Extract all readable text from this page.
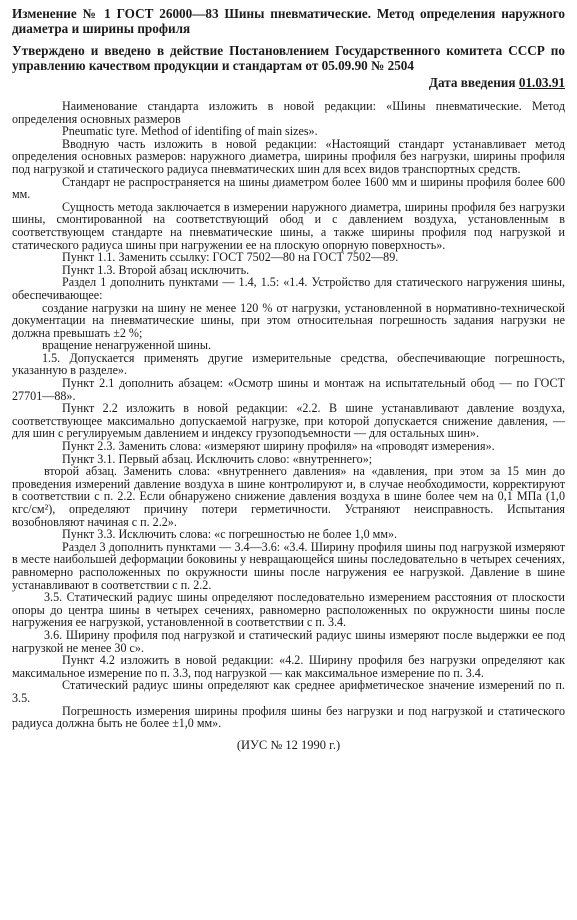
Изменение № 1 ГОСТ 26000—83 Шины пневматические. Метод определения наружного диаметра и ширины профиля

Утверждено и введено в действие Постановлением Государственного комитета СССР по управлению качеством продукции и стандартам от 05.09.90 № 2504

Дата введения 01.03.91

Наименование стандарта изложить в новой редакции: «Шины пневматические. Метод определения основных размеров

Pneumatic tyre. Method of identifing of main sizes».

Вводную часть изложить в новой редакции: «Настоящий стандарт устанавливает метод определения основных размеров: наружного диаметра, ширины профиля без нагрузки, ширины профиля под нагрузкой и статического радиуса пневматических шин для всех видов транспортных средств.

Стандарт не распространяется на шины диаметром более 1600 мм и ширины профиля более 600 мм.

Сущность метода заключается в измерении наружного диаметра, ширины профиля без нагрузки шины, смонтированной на соответствующий обод и с давлением воздуха, установленным в соответствующем стандарте на пневматические шины, а также ширины профиля под нагрузкой и статического радиуса шины при нагружении ее на плоскую опорную поверхность».

Пункт 1.1. Заменить ссылку: ГОСТ 7502—80 на ГОСТ 7502—89.

Пункт 1.3. Второй абзац исключить.

Раздел 1 дополнить пунктами — 1.4, 1.5: «1.4. Устройство для статического нагружения шины, обеспечивающее:

создание нагрузки на шину не менее 120 % от нагрузки, установленной в нормативно-технической документации на пневматические шины, при этом относительная погрешность задания нагрузки не должна превышать ±2 %;

вращение ненагруженной шины.

1.5. Допускается применять другие измерительные средства, обеспечивающие погрешность, указанную в разделе».

Пункт 2.1 дополнить абзацем: «Осмотр шины и монтаж на испытательный обод — по ГОСТ 27701—88».

Пункт 2.2 изложить в новой редакции: «2.2. В шине устанавливают давление воздуха, соответствующее максимально допускаемой нагрузке, при которой допускается снижение давления, — для шин с регулируемым давлением и индексу грузоподъемности — для остальных шин».

Пункт 2.3. Заменить слова: «измеряют ширину профиля» на «проводят измерения».

Пункт 3.1. Первый абзац. Исключить слово: «внутреннего»;

второй абзац. Заменить слова: «внутреннего давления» на «давления, при этом за 15 мин до проведения измерений давление воздуха в шине контролируют и, в случае необходимости, корректируют в соответствии с п. 2.2. Если обнаружено снижение давления воздуха в шине более чем на 0,1 МПа (1,0 кгс/см²), определяют причину потери герметичности. Устраняют неисправность. Испытания возобновляют начиная с п. 2.2».

Пункт 3.3. Исключить слова: «с погрешностью не более 1,0 мм».

Раздел 3 дополнить пунктами — 3.4—3.6: «3.4. Ширину профиля шины под нагрузкой измеряют в месте наибольшей деформации боковины у невращающейся шины последовательно в четырех сечениях, равномерно расположенных по окружности шины после нагружения ее нагрузкой. Давление в шине устанавливают в соответствии с п. 2.2.

3.5. Статический радиус шины определяют последовательно измерением расстояния от плоскости опоры до центра шины в четырех сечениях, равномерно расположенных по окружности шины после нагружения ее нагрузкой, установленной в соответствии с п. 3.4.

3.6. Ширину профиля под нагрузкой и статический радиус шины измеряют после выдержки ее под нагрузкой не менее 30 с».

Пункт 4.2 изложить в новой редакции: «4.2. Ширину профиля без нагрузки определяют как максимальное измерение по п. 3.3, под нагрузкой — как максимальное измерение по п. 3.4.

Статический радиус шины определяют как среднее арифметическое значение измерений по п. 3.5.

Погрешность измерения ширины профиля шины без нагрузки и под нагрузкой и статического радиуса должна быть не более ±1,0 мм».

(ИУС № 12 1990 г.)
